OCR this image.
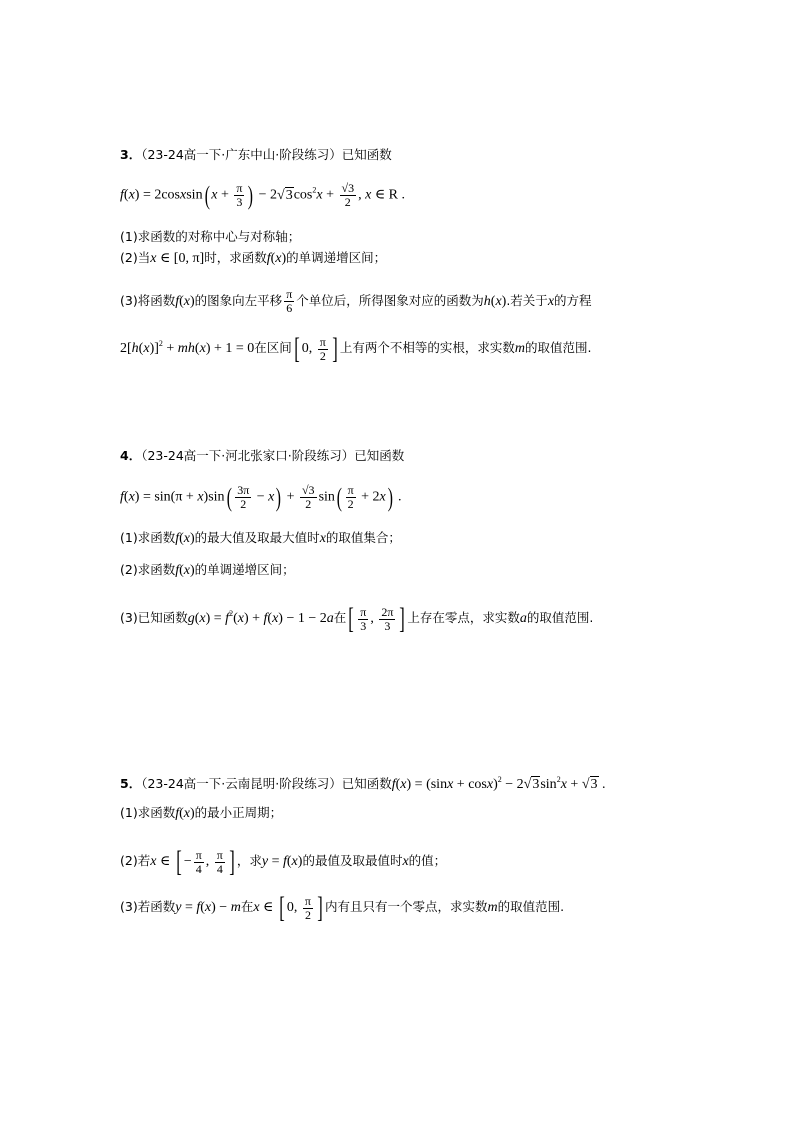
3．（23-24高一下·广东中山·阶段练习）已知函数
f(x) = 2cosxsin( $x + \frac{\pi}{3}$ ) − $2√3\cos^2x + \frac{√3}{2}$ , x ∈ R .
(1)求函数的对称中心与对称轴；
(2)当x ∈ [0, π]时，求函数f(x)的单调递增区间；
(3)将函数f(x)的图象向左平移 $\frac{\pi}{6}$ 个单位后，所得图象对应的函数为h(x).若关于x的方程
$2[h(x)]^2 + mh(x) + 1 = 0$在区间[ 0, $\frac{\pi}{2}$ ] 上有两个不相等的实根，求实数m的取值范围.
4．（23-24高一下·河北张家口·阶段练习）已知函数
$f(x) = \sin(\pi + x)\sin( \frac{3\pi}{2} - x) + \frac{√3}{2} \sin( \frac{\pi}{2} + 2x)$ .
(1)求函数f(x)的最大值及取最大值时x的取值集合；
(2)求函数f(x)的单调递增区间；
(3)已知函数$g(x) = f^2(x) + f(x) - 1 - 2a$在[ $\frac{\pi}{3}$ , $\frac{2\pi}{3}$ ] 上存在零点，求实数a的取值范围.
5．（23-24高一下·云南昆明·阶段练习）已知函数$f(x) = (\sin x + \cos x)^2 - 2√3\sin^2x + √3$ .
(1)求函数f(x)的最小正周期；
(2)若x ∈ [ − $\frac{\pi}{4}$ , $\frac{\pi}{4}$ ] ，求y = f(x)的最值及取最值时x的值；
(3)若函数y = f(x) − m在x ∈ [ 0, $\frac{\pi}{2}$ ] 内有且只有一个零点，求实数m的取值范围.
